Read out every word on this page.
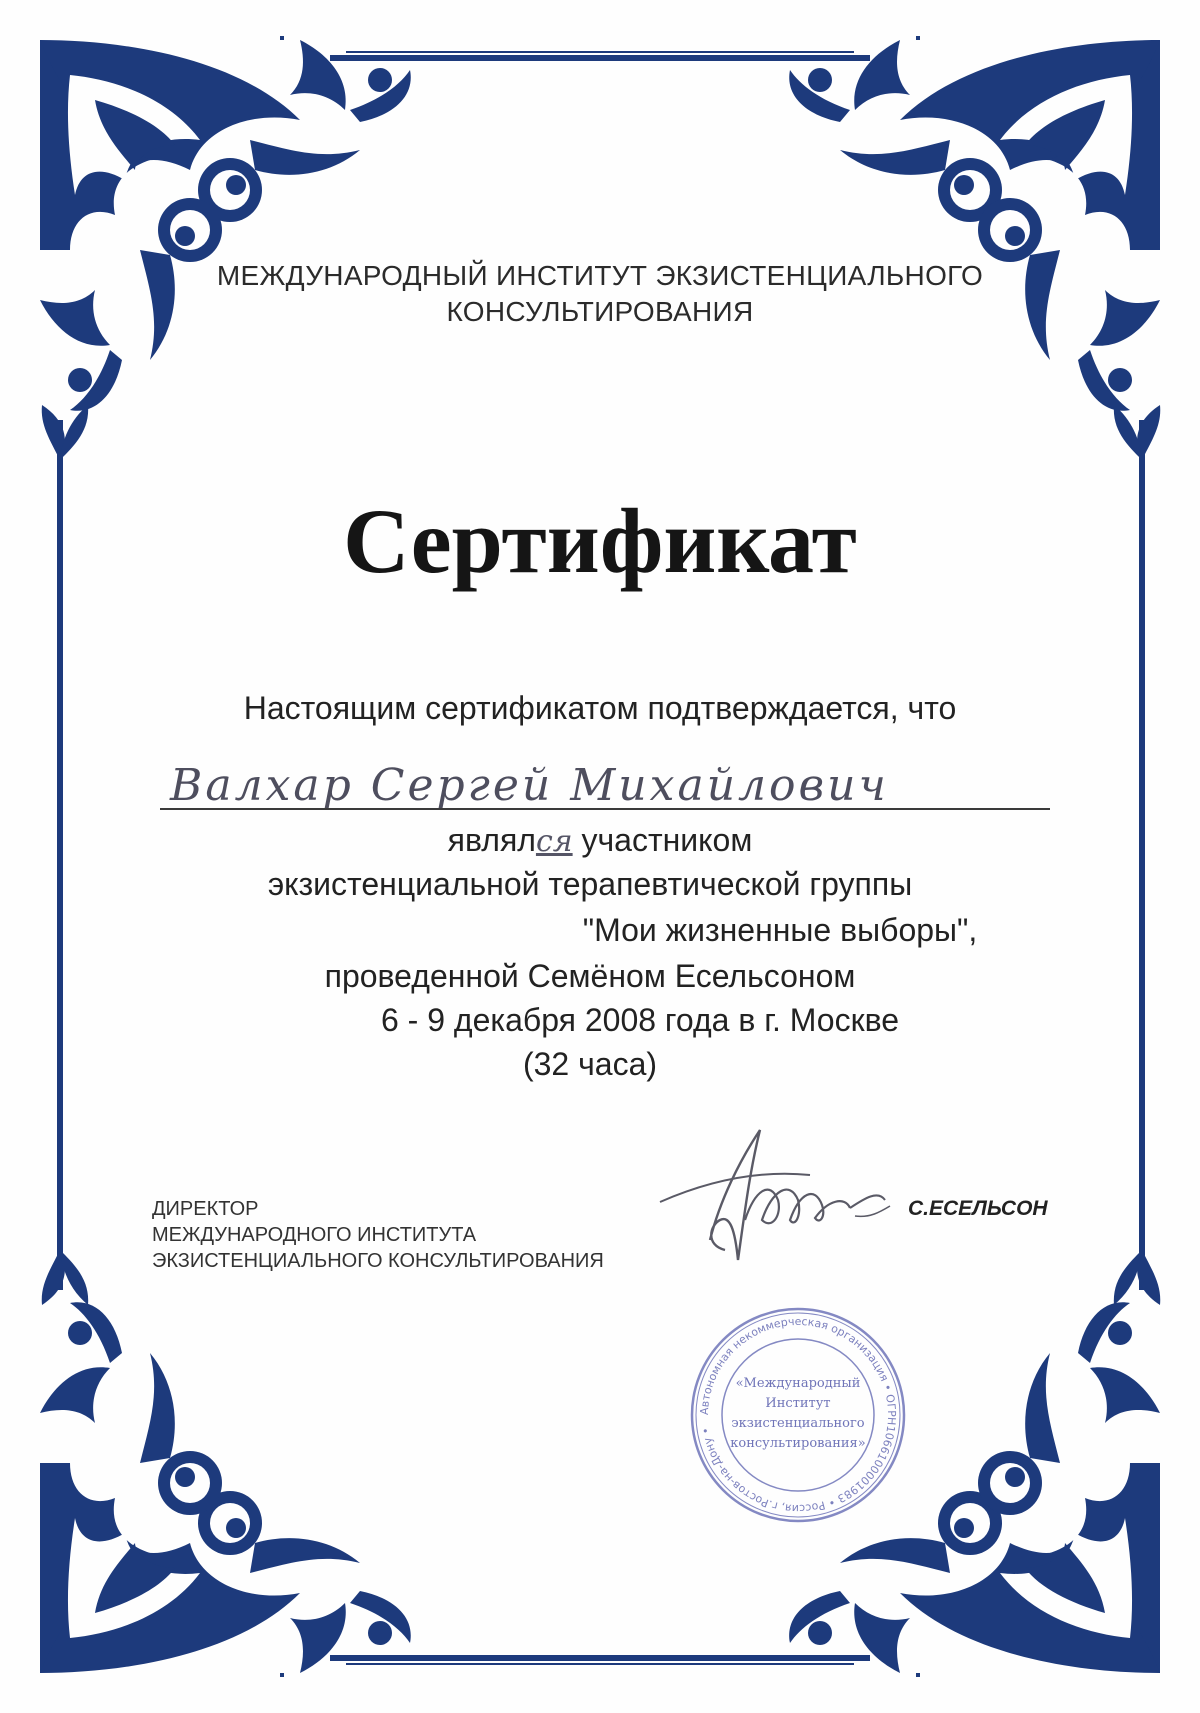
МЕЖДУНАРОДНЫЙ ИНСТИТУТ ЭКЗИСТЕНЦИАЛЬНОГО
КОНСУЛЬТИРОВАНИЯ
Сертификат
Настоящим сертификатом подтверждается, что
Валхар Сергей Михайлович
являлся участником
экзистенциальной терапевтической группы
"Мои жизненные выборы",
проведенной Семёном Есельсоном
6 - 9 декабря 2008 года в г. Москве
(32 часа)
ДИРЕКТОР
МЕЖДУНАРОДНОГО ИНСТИТУТА
ЭКЗИСТЕНЦИАЛЬНОГО КОНСУЛЬТИРОВАНИЯ
С.ЕСЕЛЬСОН
Автономная некоммерческая организация • ОГРН1066100001983 • Россия, г.Ростов-на-Дону •
«Международный
Институт
экзистенциального
консультирования»
